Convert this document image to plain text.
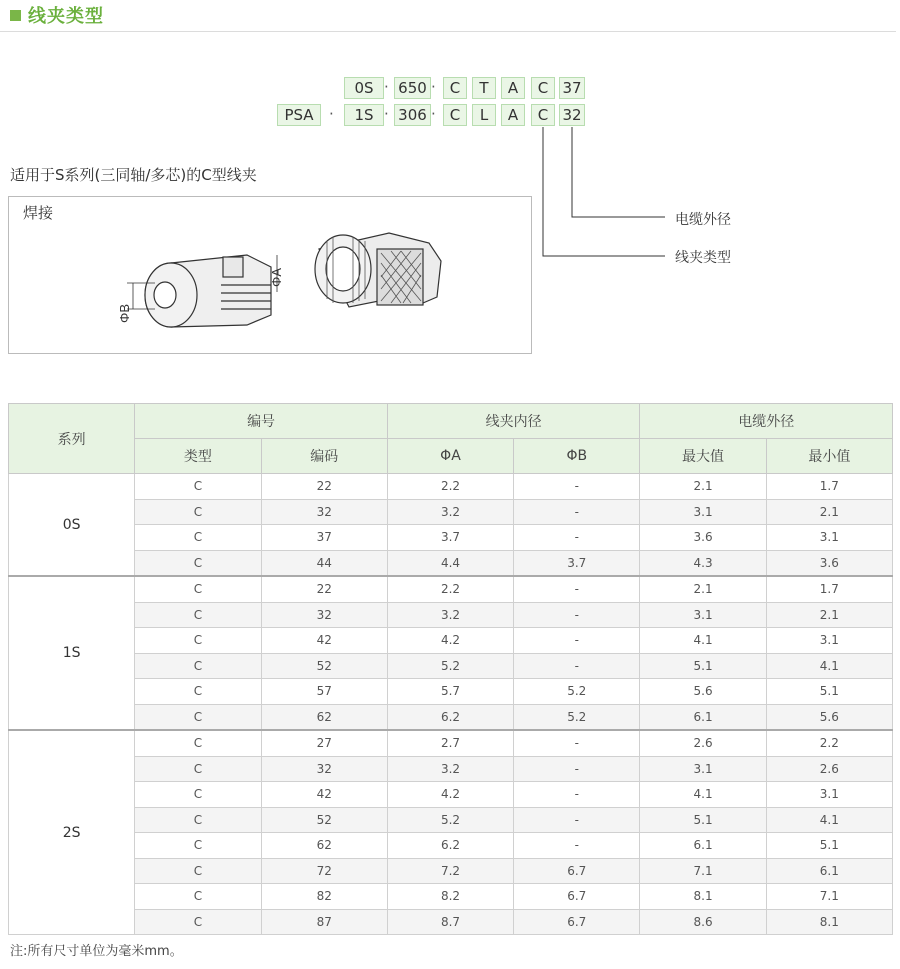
线夹类型
0S · 650 · C	T	A	C 37
PSA	·	1S · 306 · C	L	A	C 32
电缆外径
线夹类型
适用于S系列(三同轴/多芯)的C型线夹
焊接
ΦA
ΦB
系列	编号		线夹内径		电缆外径	
	类型	编码	ΦA	ΦB	最大值	最小值
0S	C	22	2.2	-	2.1	1.7
	C	32	3.2	-	3.1	2.1
	C	37	3.7	-	3.6	3.1
	C	44	4.4	3.7	4.3	3.6
1S	C	22	2.2	-	2.1	1.7
	C	32	3.2	-	3.1	2.1
	C	42	4.2	-	4.1	3.1
	C	52	5.2	-	5.1	4.1
	C	57	5.7	5.2	5.6	5.1
	C	62	6.2	5.2	6.1	5.6
2S	C	27	2.7	-	2.6	2.2
	C	32	3.2	-	3.1	2.6
	C	42	4.2	-	4.1	3.1
	C	52	5.2	-	5.1	4.1
	C	62	6.2	-	6.1	5.1
	C	72	7.2	6.7	7.1	6.1
	C	82	8.2	6.7	8.1	7.1
	C	87	8.7	6.7	8.6	8.1
注:所有尺寸单位为毫米mm。
